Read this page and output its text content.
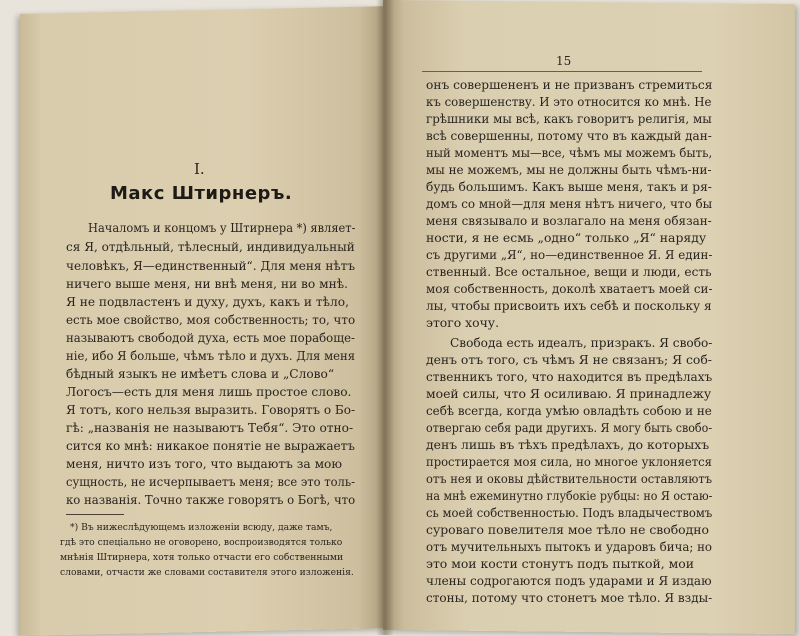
I.
Макс Штирнеръ.
Началомъ и концомъ у Штирнера *) являет-
ся Я, отдѣльный, тѣлесный, индивидуальный
человѣкъ, Я—единственный“. Для меня нѣтъ
ничего выше меня, ни внѣ меня, ни во мнѣ.
Я не подвластенъ и духу, духъ, какъ и тѣло,
есть мое свойство, моя собственность; то, что
называютъ свободой духа, есть мое порабоще-
ніе, ибо Я больше, чѣмъ тѣло и духъ. Для меня
бѣдный языкъ не имѣетъ слова и „Слово“
Логосъ—есть для меня лишь простое слово.
Я тотъ, кого нельзя выразить. Говорятъ о Бо-
гѣ: „названія не называютъ Тебя“. Это отно-
сится ко мнѣ: никакое понятіе не выражаетъ
меня, ничто изъ того, что выдаютъ за мою
сущность, не исчерпываетъ меня; все это толь-
ко названія. Точно также говорятъ о Богѣ, что
*) Въ нижеслѣдующемъ изложеніи всюду, даже тамъ,
гдѣ это спеціально не оговорено, воспроизводятся только
мнѣнія Штирнера, хотя только отчасти его собственными
словами, отчасти же словами составителя этого изложенія.
15
онъ совершененъ и не призванъ стремиться
къ совершенству. И это относится ко мнѣ. Не
грѣшники мы всѣ, какъ говоритъ религія, мы
всѣ совершенны, потому что въ каждый дан-
ный моментъ мы—все, чѣмъ мы можемъ быть,
мы не можемъ, мы не должны быть чѣмъ-ни-
будь большимъ. Какъ выше меня, такъ и ря-
домъ со мной—для меня нѣтъ ничего, что бы
меня связывало и возлагало на меня обязан-
ности, я не есмь „одно“ только „Я“ наряду
съ другими „Я“, но—единственное Я. Я един-
ственный. Все остальное, вещи и люди, есть
моя собственность, доколѣ хватаетъ моей си-
лы, чтобы присвоить ихъ себѣ и поскольку я
этого хочу.
Свобода есть идеалъ, призракъ. Я свобо-
денъ отъ того, съ чѣмъ Я не связанъ; Я соб-
ственникъ того, что находится въ предѣлахъ
моей силы, что Я осиливаю. Я принадлежу
себѣ всегда, когда умѣю овладѣть собою и не
отвергаю себя ради другихъ. Я могу быть свобо-
денъ лишь въ тѣхъ предѣлахъ, до которыхъ
простирается моя сила, но многое уклоняется
отъ нея и оковы дѣйствительности оставляютъ
на мнѣ ежеминутно глубокіе рубцы: но Я остаю-
сь моей собственностью. Подъ владычествомъ
суроваго повелителя мое тѣло не свободно
отъ мучительныхъ пытокъ и ударовъ бича; но
это мои кости стонутъ подъ пыткой, мои
члены содрогаются подъ ударами и Я издаю
стоны, потому что стонетъ мое тѣло. Я взды-
